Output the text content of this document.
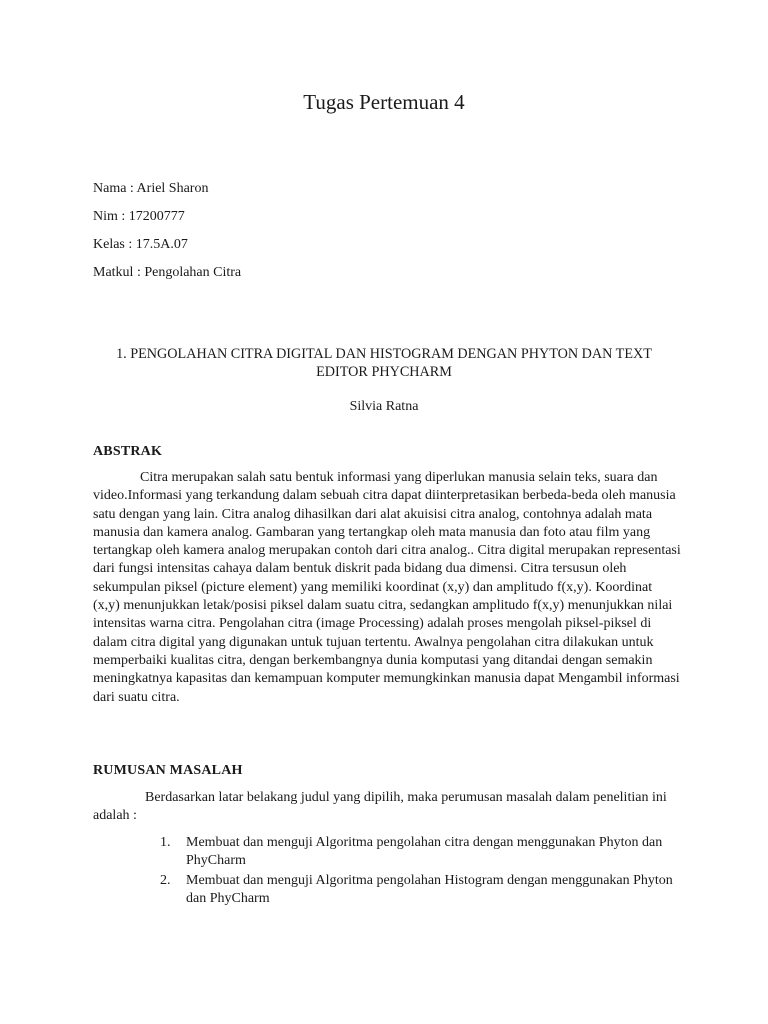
Tugas Pertemuan 4

Nama : Ariel Sharon

Nim : 17200777

Kelas : 17.5A.07

Matkul : Pengolahan Citra

1. PENGOLAHAN CITRA DIGITAL DAN HISTOGRAM DENGAN PHYTON DAN TEXT EDITOR PHYCHARM

Silvia Ratna

ABSTRAK

Citra merupakan salah satu bentuk informasi yang diperlukan manusia selain teks, suara dan video.Informasi yang terkandung dalam sebuah citra dapat diinterpretasikan berbeda-beda oleh manusia satu dengan yang lain. Citra analog dihasilkan dari alat akuisisi citra analog, contohnya adalah mata manusia dan kamera analog. Gambaran yang tertangkap oleh mata manusia dan foto atau film yang tertangkap oleh kamera analog merupakan contoh dari citra analog.. Citra digital merupakan representasi dari fungsi intensitas cahaya dalam bentuk diskrit pada bidang dua dimensi. Citra tersusun oleh sekumpulan piksel (picture element) yang memiliki koordinat (x,y) dan amplitudo f(x,y). Koordinat (x,y) menunjukkan letak/posisi piksel dalam suatu citra, sedangkan amplitudo f(x,y) menunjukkan nilai intensitas warna citra. Pengolahan citra (image Processing) adalah proses mengolah piksel-piksel di dalam citra digital yang digunakan untuk tujuan tertentu. Awalnya pengolahan citra dilakukan untuk memperbaiki kualitas citra, dengan berkembangnya dunia komputasi yang ditandai dengan semakin meningkatnya kapasitas dan kemampuan komputer memungkinkan manusia dapat Mengambil informasi dari suatu citra.

RUMUSAN MASALAH

Berdasarkan latar belakang judul yang dipilih, maka perumusan masalah dalam penelitian ini adalah :

1. Membuat dan menguji Algoritma pengolahan citra dengan menggunakan Phyton dan PhyCharm
2. Membuat dan menguji Algoritma pengolahan Histogram dengan menggunakan Phyton dan PhyCharm
